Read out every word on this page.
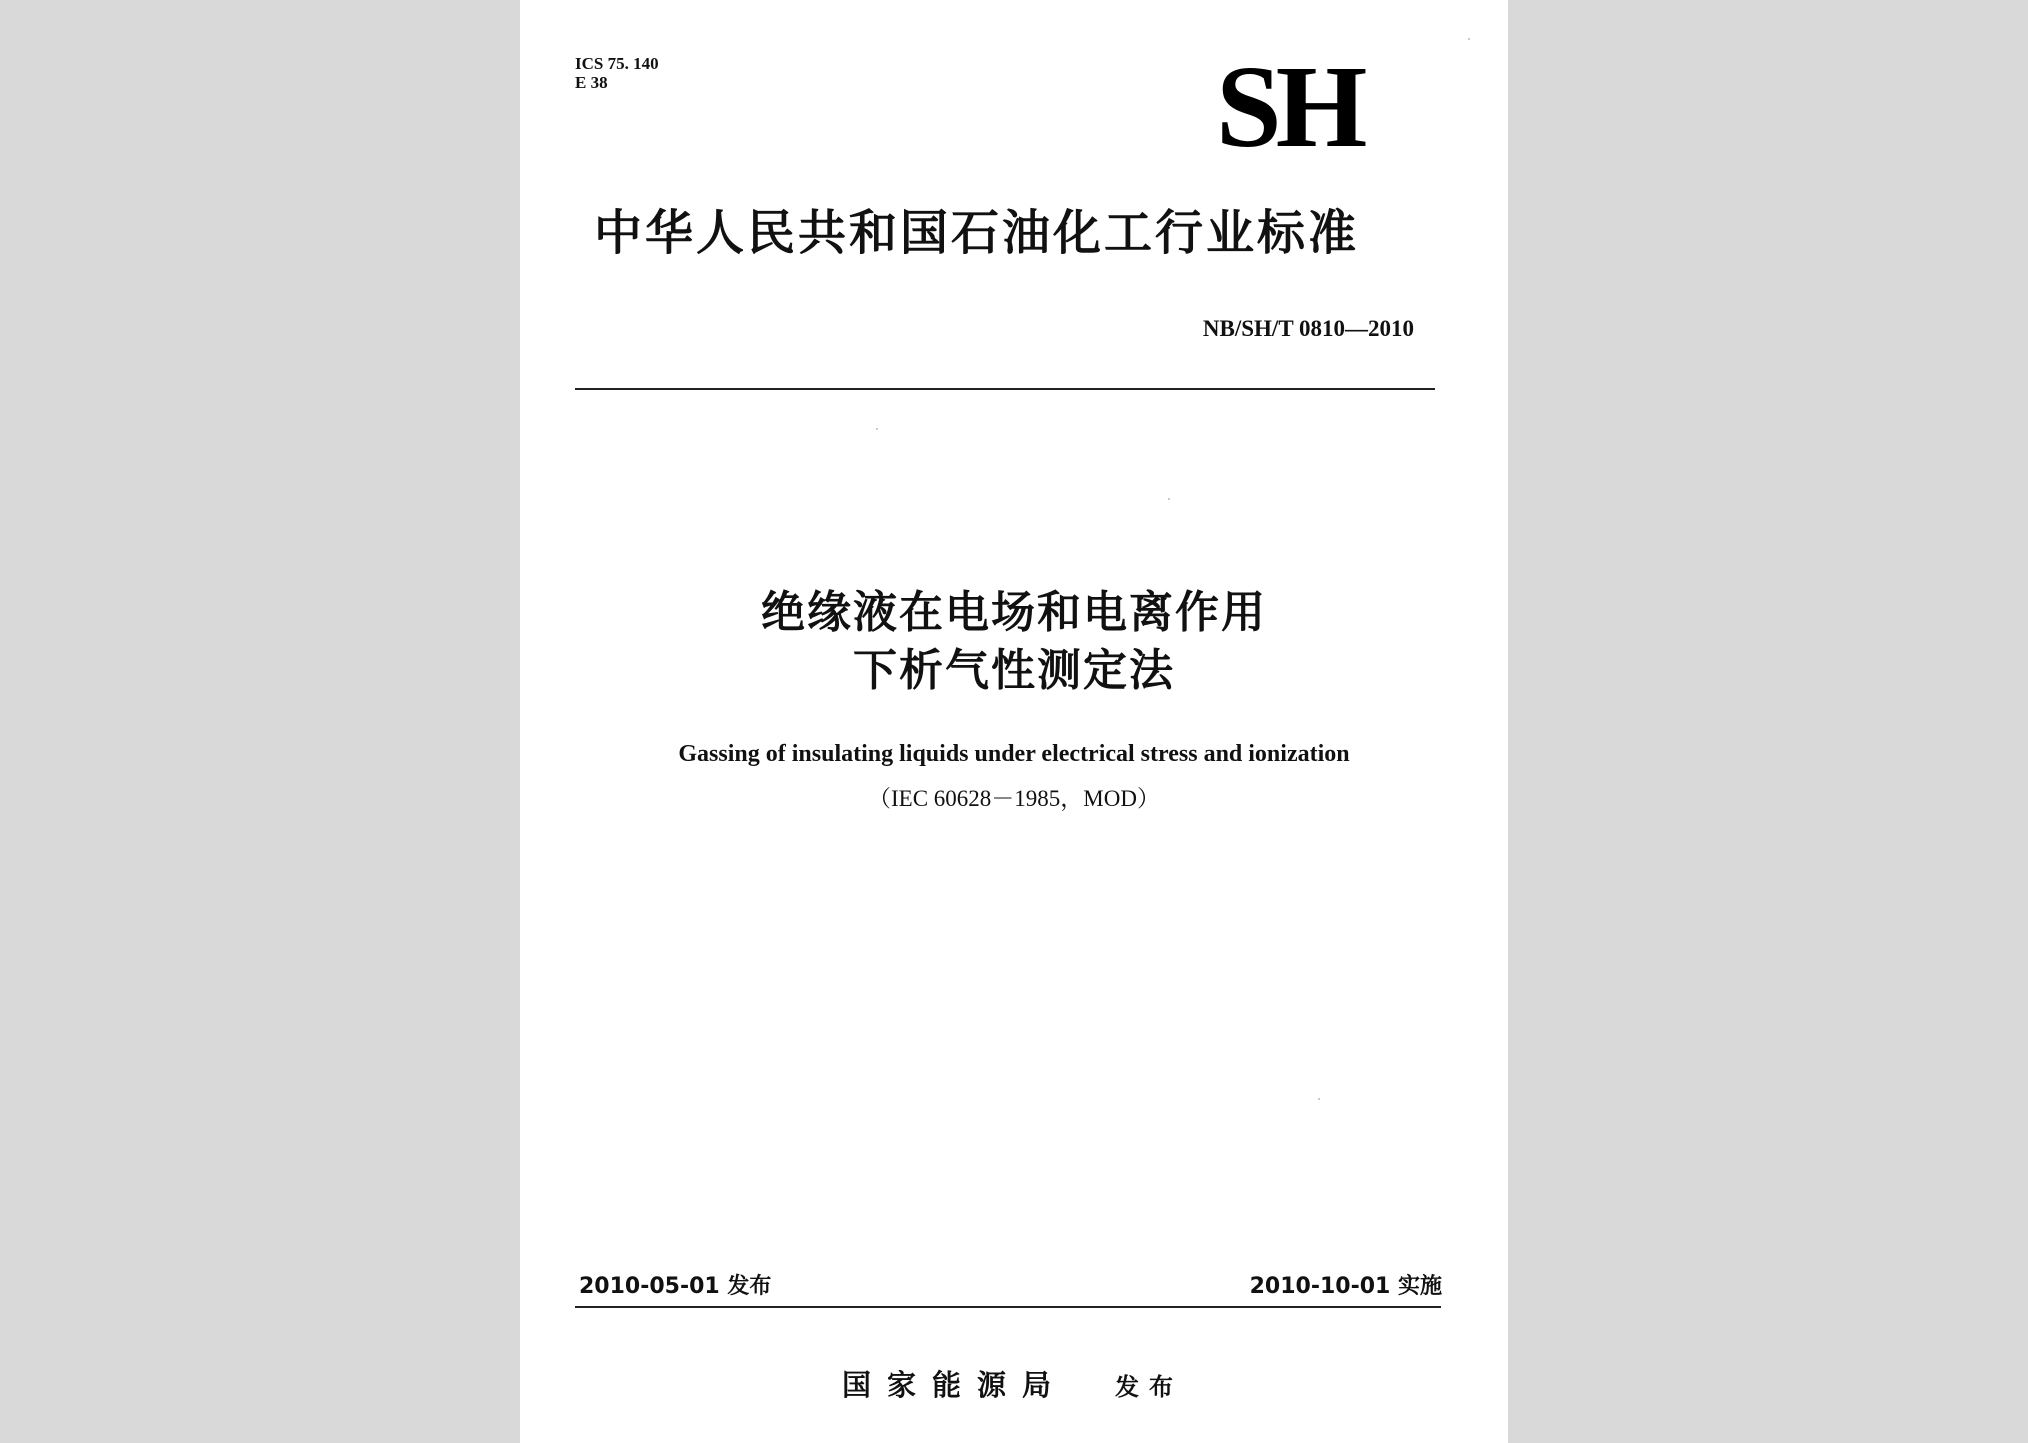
ICS 75. 140
E 38	SH
中华人民共和国石油化工行业标准
NB/SH/T 0810—2010
绝缘液在电场和电离作用
下析气性测定法
Gassing of insulating liquids under electrical stress and ionization
（IEC 60628－1985，MOD）
2010-05-01 发布	2010-10-01 实施
国家能源局 发布
